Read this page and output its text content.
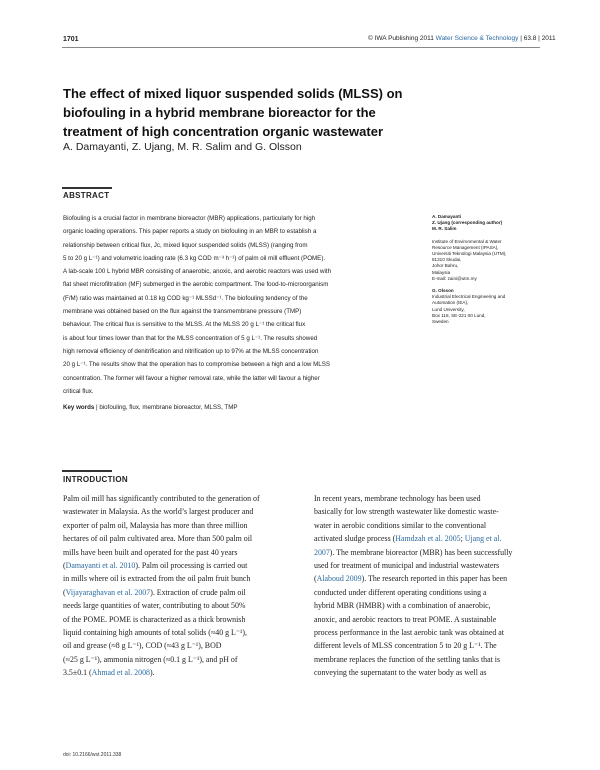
1701	© IWA Publishing 2011 Water Science & Technology | 63.8 | 2011
The effect of mixed liquor suspended solids (MLSS) on
biofouling in a hybrid membrane bioreactor for the
treatment of high concentration organic wastewater
A. Damayanti, Z. Ujang, M. R. Salim and G. Olsson
ABSTRACT
Biofouling is a crucial factor in membrane bioreactor (MBR) applications, particularly for high
organic loading operations. This paper reports a study on biofouling in an MBR to establish a
relationship between critical flux, Jc, mixed liquor suspended solids (MLSS) (ranging from
5 to 20 g L⁻¹) and volumetric loading rate (6.3 kg COD m⁻³ h⁻¹) of palm oil mill effluent (POME).
A lab-scale 100 L hybrid MBR consisting of anaerobic, anoxic, and aerobic reactors was used with
flat sheet microfiltration (MF) submerged in the aerobic compartment. The food-to-microorganism
(F/M) ratio was maintained at 0.18 kg COD kg⁻¹ MLSSd⁻¹. The biofouling tendency of the
membrane was obtained based on the flux against the transmembrane pressure (TMP)
behaviour. The critical flux is sensitive to the MLSS. At the MLSS 20 g L⁻¹ the critical flux
is about four times lower than that for the MLSS concentration of 5 g L⁻¹. The results showed
high removal efficiency of denitrification and nitrification up to 97% at the MLSS concentration
20 g L⁻¹. The results show that the operation has to compromise between a high and a low MLSS
concentration. The former will favour a higher removal rate, while the latter will favour a higher
critical flux.
Key words | biofouling, flux, membrane bioreactor, MLSS, TMP
A. Damayanti
Z. Ujang (corresponding author)
M. R. Salim
Institute of Environmental & Water
Resource Management (IPASA),
Universiti Teknologi Malaysia (UTM),
81310 Skudai,
Johor Bahru,
Malaysia
E-mail: zaini@utm.my
G. Olsson
Industrial Electrical Engineering and
Automation (IEA),
Lund University,
Box 118, SE-221 00 Lund,
Sweden
INTRODUCTION
Palm oil mill has significantly contributed to the generation of
wastewater in Malaysia. As the world’s largest producer and
exporter of palm oil, Malaysia has more than three million
hectares of oil palm cultivated area. More than 500 palm oil
mills have been built and operated for the past 40 years
(Damayanti et al. 2010). Palm oil processing is carried out
in mills where oil is extracted from the oil palm fruit bunch
(Vijayaraghavan et al. 2007). Extraction of crude palm oil
needs large quantities of water, contributing to about 50%
of the POME. POME is characterized as a thick brownish
liquid containing high amounts of total solids (≈40 g L⁻¹),
oil and grease (≈8 g L⁻¹), COD (≈43 g L⁻¹), BOD
(≈25 g L⁻¹), ammonia nitrogen (≈0.1 g L⁻¹), and pH of
3.5±0.1 (Ahmad et al. 2008).
In recent years, membrane technology has been used
basically for low strength wastewater like domestic waste-
water in aerobic conditions similar to the conventional
activated sludge process (Hamdzah et al. 2005; Ujang et al.
2007). The membrane bioreactor (MBR) has been successfully
used for treatment of municipal and industrial wastewaters
(Alaboud 2009). The research reported in this paper has been
conducted under different operating conditions using a
hybrid MBR (HMBR) with a combination of anaerobic,
anoxic, and aerobic reactors to treat POME. A sustainable
process performance in the last aerobic tank was obtained at
different levels of MLSS concentration 5 to 20 g L⁻¹. The
membrane replaces the function of the settling tanks that is
conveying the supernatant to the water body as well as
doi: 10.2166/wst.2011.338
